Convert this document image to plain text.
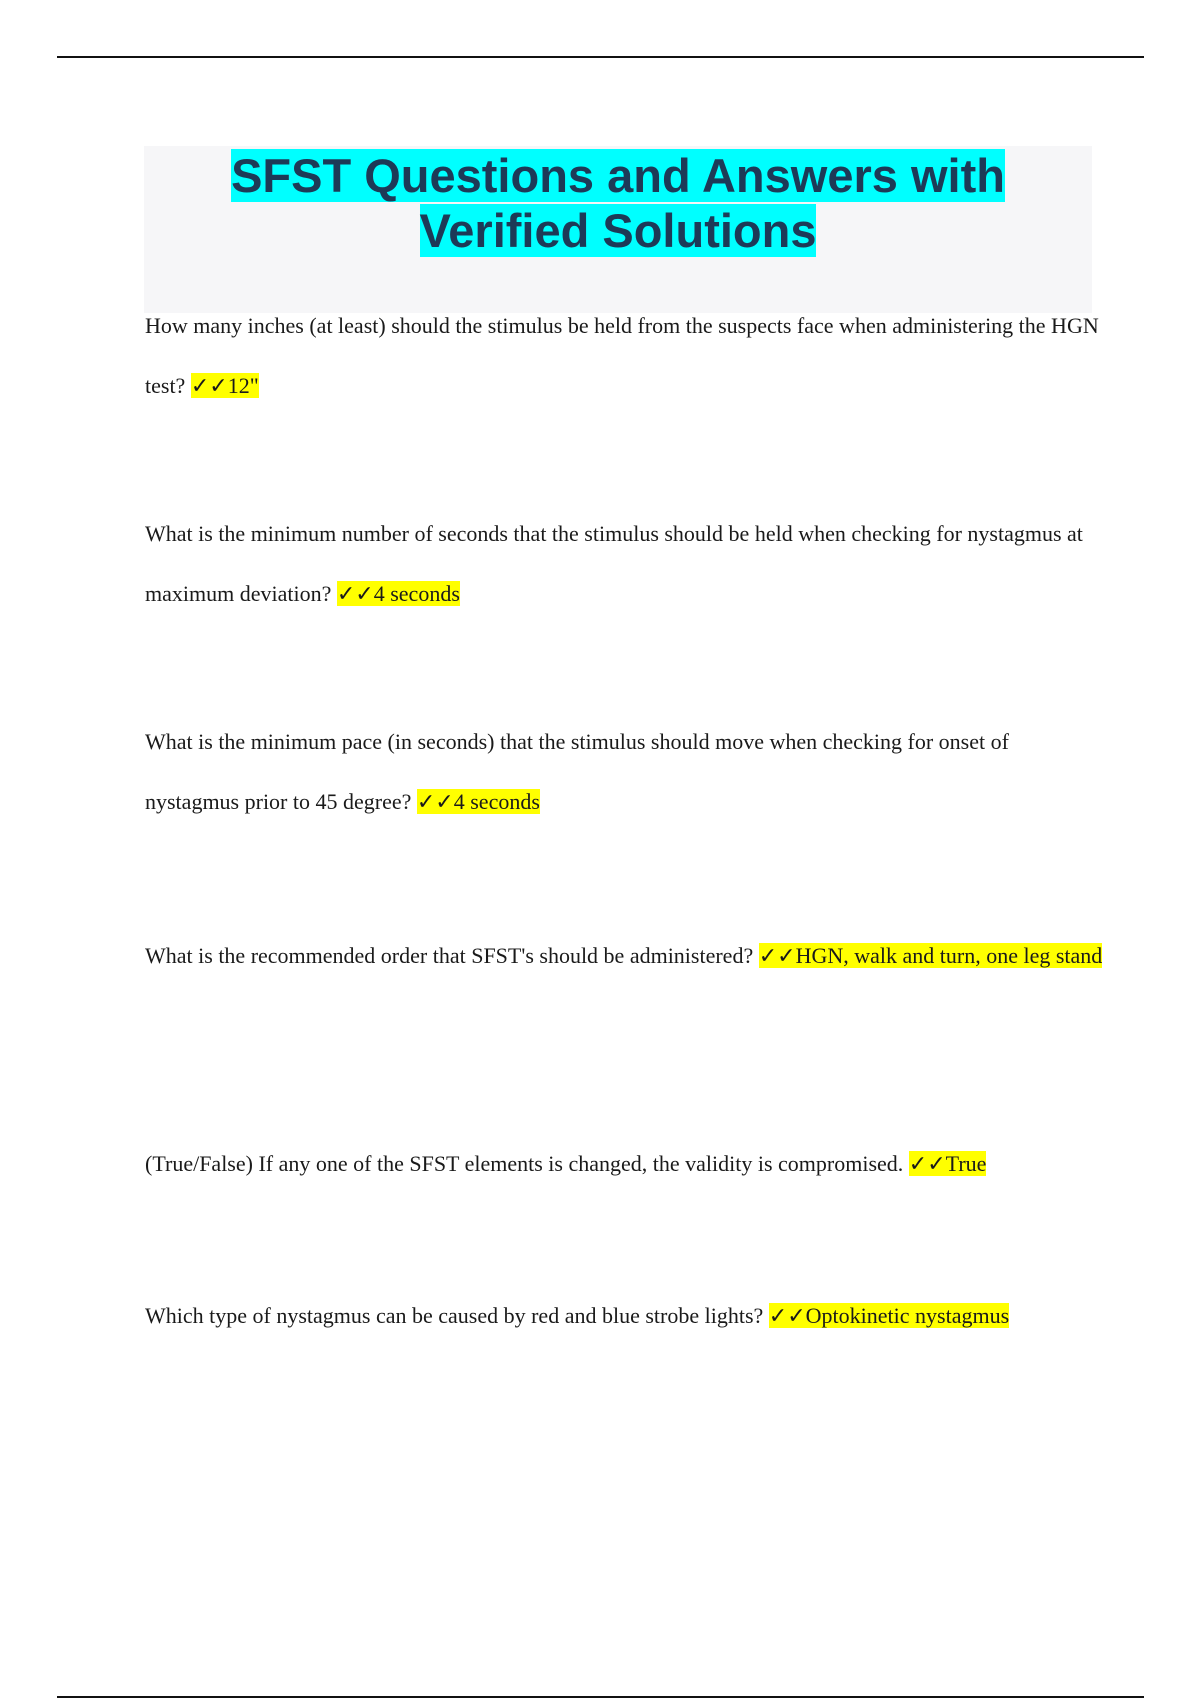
SFST Questions and Answers with
Verified Solutions

How many inches (at least) should the stimulus be held from the suspects face when administering the HGN test? ✓✓12"

What is the minimum number of seconds that the stimulus should be held when checking for nystagmus at maximum deviation? ✓✓4 seconds

What is the minimum pace (in seconds) that the stimulus should move when checking for onset of nystagmus prior to 45 degree? ✓✓4 seconds

What is the recommended order that SFST's should be administered? ✓✓HGN, walk and turn, one leg stand

(True/False) If any one of the SFST elements is changed, the validity is compromised. ✓✓True

Which type of nystagmus can be caused by red and blue strobe lights? ✓✓Optokinetic nystagmus
